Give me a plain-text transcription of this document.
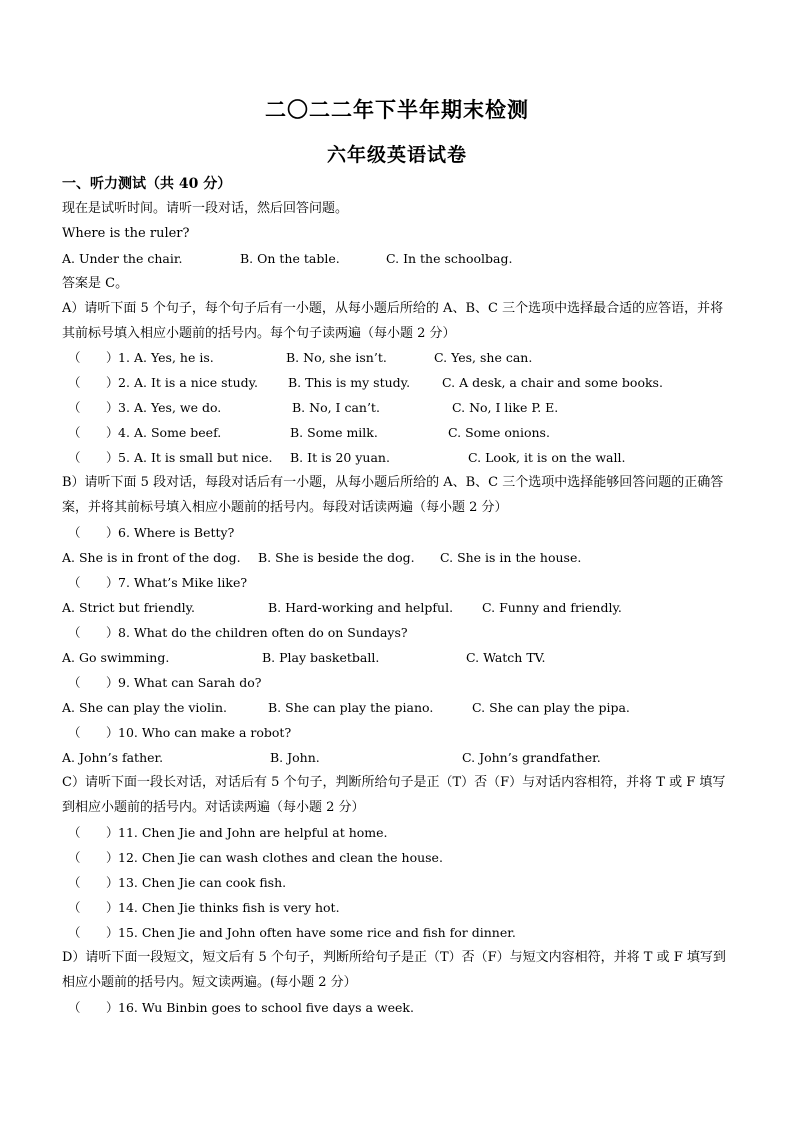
二〇二二年下半年期末检测
六年级英语试卷
一、听力测试（共 40 分）
现在是试听时间。请听一段对话，然后回答问题。
Where is the ruler?
A. Under the chair.	B. On the table.	C. In the schoolbag.
答案是 C。
A）请听下面 5 个句子，每个句子后有一小题，从每小题后所给的 A、B、C 三个选项中选择最合适的应答语，并将其前标号填入相应小题前的括号内。每个句子读两遍（每小题 2 分）
（ ） 1. A. Yes, he is.	B. No, she isn’t.	C. Yes, she can.
（ ） 2. A. It is a nice study. B. This is my study.	C. A desk, a chair and some books.
（ ） 3. A. Yes, we do.	B. No, I can’t.	C. No, I like P. E.
（ ） 4. A. Some beef.	B. Some milk.	C. Some onions.
（ ） 5. A. It is small but nice. B. It is 20 yuan.	C. Look, it is on the wall.
B）请听下面 5 段对话，每段对话后有一小题，从每小题后所给的 A、B、C 三个选项中选择能够回答问题的正确答案，并将其前标号填入相应小题前的括号内。每段对话读两遍（每小题 2 分）
（ ） 6. Where is Betty?
A. She is in front of the dog. B. She is beside the dog. C. She is in the house.
（ ） 7. What’s Mike like?
A. Strict but friendly.	B. Hard-working and helpful. C. Funny and friendly.
（ ） 8. What do the children often do on Sundays?
A. Go swimming.	B. Play basketball.	C. Watch TV.
（ ） 9. What can Sarah do?
A. She can play the violin.	B. She can play the piano.	C. She can play the pipa.
（ ） 10. Who can make a robot?
A. John’s father.	B. John.	C. John’s grandfather.
C）请听下面一段长对话，对话后有 5 个句子，判断所给句子是正（T）否（F）与对话内容相符，并将 T 或 F 填写到相应小题前的括号内。对话读两遍（每小题 2 分）
（ ） 11. Chen Jie and John are helpful at home.
（ ） 12. Chen Jie can wash clothes and clean the house.
（ ） 13. Chen Jie can cook fish.
（ ） 14. Chen Jie thinks fish is very hot.
（ ） 15. Chen Jie and John often have some rice and fish for dinner.
D）请听下面一段短文，短文后有 5 个句子，判断所给句子是正（T）否（F）与短文内容相符，并将 T 或 F 填写到相应小题前的括号内。短文读两遍。(每小题 2 分）
（ ） 16. Wu Binbin goes to school five days a week.
